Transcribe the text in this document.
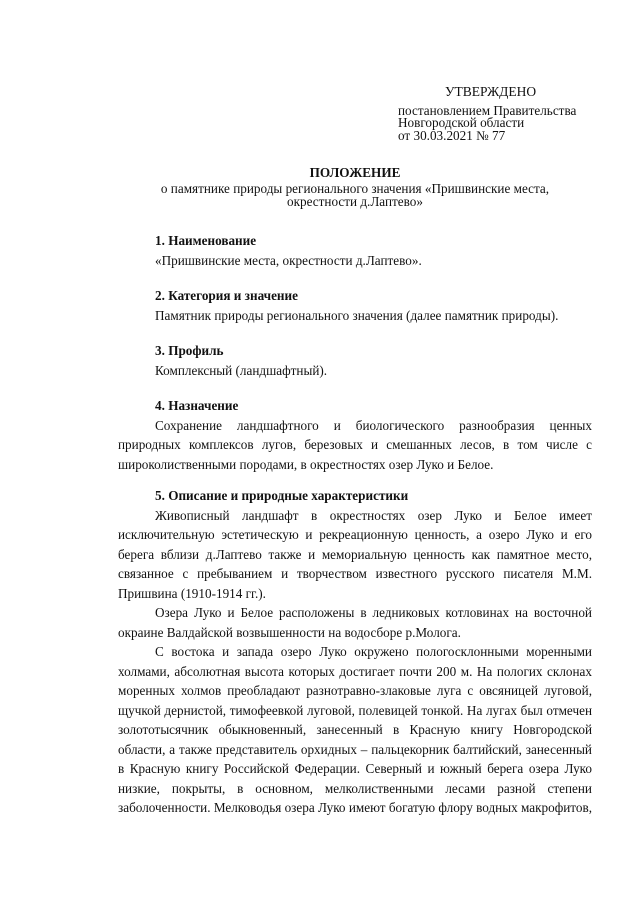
УТВЕРЖДЕНО
постановлением Правительства
Новгородской области
от 30.03.2021 № 77
ПОЛОЖЕНИЕ
о памятнике природы регионального значения «Пришвинские места,
окрестности д.Лаптево»
1. Наименование

«Пришвинские места, окрестности д.Лаптево».

2. Категория и значение

Памятник природы регионального значения (далее памятник природы).

3. Профиль

Комплексный (ландшафтный).

4. Назначение

Сохранение ландшафтного и биологического разнообразия ценных природных комплексов лугов, березовых и смешанных лесов, в том числе с широколиственными породами, в окрестностях озер Луко и Белое.

5. Описание и природные характеристики

Живописный ландшафт в окрестностях озер Луко и Белое имеет исключительную эстетическую и рекреационную ценность, а озеро Луко и его берега вблизи д.Лаптево также и мемориальную ценность как памятное место, связанное с пребыванием и творчеством известного русского писателя М.М. Пришвина (1910-1914 гг.).

Озера Луко и Белое расположены в ледниковых котловинах на восточной окраине Валдайской возвышенности на водосборе р.Молога.

С востока и запада озеро Луко окружено пологосклонными моренными холмами, абсолютная высота которых достигает почти 200 м. На пологих склонах моренных холмов преобладают разнотравно-злаковые луга с овсяницей луговой, щучкой дернистой, тимофеевкой луговой, полевицей тонкой. На лугах был отмечен золототысячник обыкновенный, занесенный в Красную книгу Новгородской области, а также представитель орхидных – пальцекорник балтийский, занесенный в Красную книгу Российской Федерации. Северный и южный берега озера Луко низкие, покрыты, в основном, мелколиственными лесами разной степени заболоченности. Мелководья озера Луко имеют богатую флору водных макрофитов,
